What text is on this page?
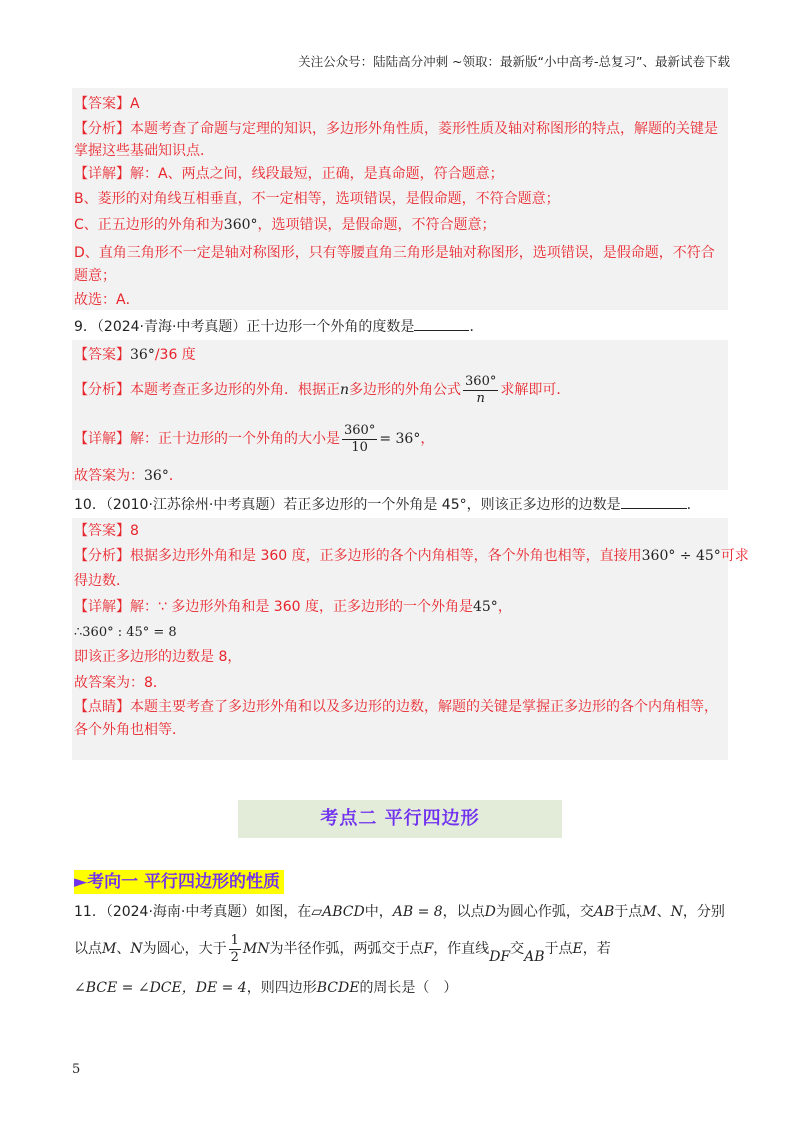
关注公众号：陆陆高分冲刺 ~领取：最新版“小中高考-总复习”、最新试卷下载
【答案】A
【分析】本题考查了命题与定理的知识，多边形外角性质，菱形性质及轴对称图形的特点，解题的关键是
掌握这些基础知识点．
【详解】解：A、两点之间，线段最短，正确，是真命题，符合题意；
B、菱形的对角线互相垂直，不一定相等，选项错误，是假命题，不符合题意；
C、正五边形的外角和为360°，选项错误，是假命题，不符合题意；
D、直角三角形不一定是轴对称图形，只有等腰直角三角形是轴对称图形，选项错误，是假命题，不符合
题意；
故选：A．
9．（2024·青海·中考真题）正十边形一个外角的度数是	．
【答案】36°/36 度
【分析】本题考查正多边形的外角．根据正n多边形的外角公式 $\frac{360^\circ}{n}$ 求解即可．
【详解】解：正十边形的一个外角的大小是 $\frac{360^\circ}{10} = 36^\circ$，
故答案为：36°．
10．（2010·江苏徐州·中考真题）若正多边形的一个外角是 45°，则该正多边形的边数是	.
【答案】8
【分析】根据多边形外角和是 360 度，正多边形的各个内角相等，各个外角也相等，直接用360° ÷ 45°可求
得边数．
【详解】解：∵ 多边形外角和是 360 度，正多边形的一个外角是45°，
∴360° : 45° = 8
即该正多边形的边数是 8，
故答案为：8．
【点睛】本题主要考查了多边形外角和以及多边形的边数，解题的关键是掌握正多边形的各个内角相等，
各个外角也相等．
考点二 平行四边形
►考向一 平行四边形的性质
11．（2024·海南·中考真题）如图，在▱ABCD中，AB = 8，以点D为圆心作弧，交AB于点M、N，分别
以点M、N为圆心，大于 $\frac{1}{2}$ MN为半径作弧，两弧交于点F，作直线DF交AB于点E，若
∠BCE = ∠DCE，DE = 4，则四边形BCDE的周长是（　）
5
